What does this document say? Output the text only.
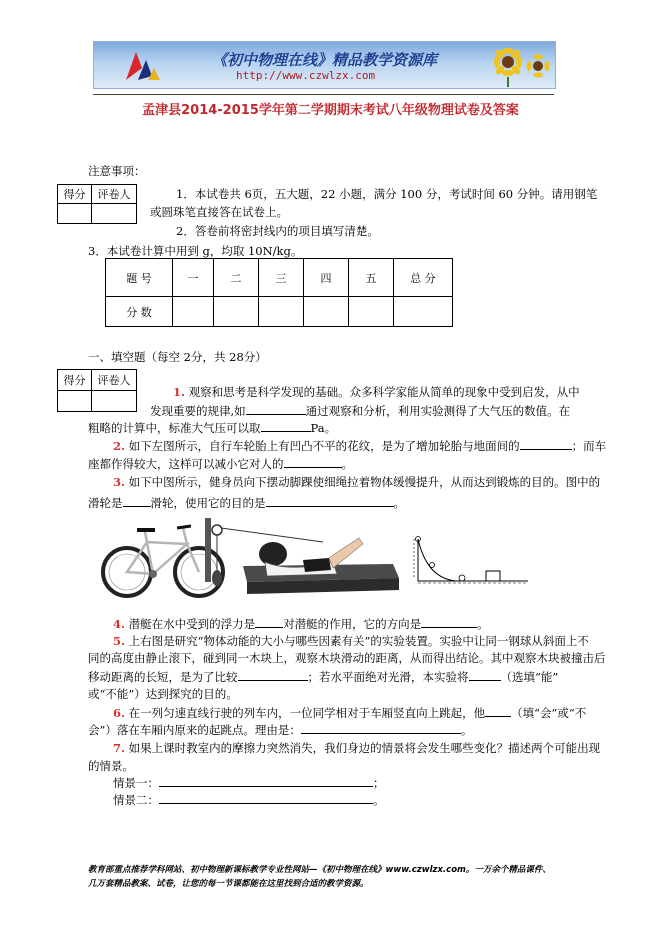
《初中物理在线》精品教学资源库
http://www.czwlzx.com
孟津县2014-2015学年第二学期期末考试八年级物理试卷及答案
注意事项：
得分	评卷人
		1．本试卷共 6页，五大题，22 小题，满分 100 分，考试时间 60 分钟。请用钢笔
或圆珠笔直接答在试卷上。
2．答卷前将密封线内的项目填写清楚。
3．本试卷计算中用到 g，均取 10N/kg。
题 号	一	二	三	四	五	总 分
分 数						
一、填空题（每空 2分，共 28分）
得分	评卷人

1. 观察和思考是科学发现的基础。众多科学家能从简单的现象中受到启发，从中
发现重要的规律,如	通过观察和分析，利用实验测得了大气压的数值。在
粗略的计算中，标准大气压可以取	Pa。
2. 如下左图所示，自行车轮胎上有凹凸不平的花纹，是为了增加轮胎与地面间的	；而车
座都作得较大，这样可以减小它对人的	。
3. 如下中图所示，健身员向下摆动脚踝使细绳拉着物体缓慢提升，从而达到锻炼的目的。图中的
滑轮是 滑轮，使用它的目的是	。
4. 潜艇在水中受到的浮力是 对潜艇的作用，它的方向是	。
5. 上右图是研究“物体动能的大小与哪些因素有关”的实验装置。实验中让同一钢球从斜面上不
同的高度由静止滚下，碰到同一木块上，观察木块滑动的距离，从而得出结论。其中观察木块被撞击后
移动距离的长短，是为了比较	；若水平面绝对光滑，本实验将	（选填“能”
或“不能”）达到探究的目的。
6. 在一列匀速直线行驶的列车内，一位同学相对于车厢竖直向上跳起，他 （填“会”或“不
会”）落在车厢内原来的起跳点。理由是：	。
7. 如果上课时教室内的摩擦力突然消失，我们身边的情景将会发生哪些变化？描述两个可能出现
的情景。
情景一：	；
情景二：	。
教育部重点推荐学科网站、初中物理新课标教学专业性网站—《初中物理在线》www.czwlzx.com。一万余个精品课件、
几万套精品教案、试卷，让您的每一节课都能在这里找到合适的教学资源。
